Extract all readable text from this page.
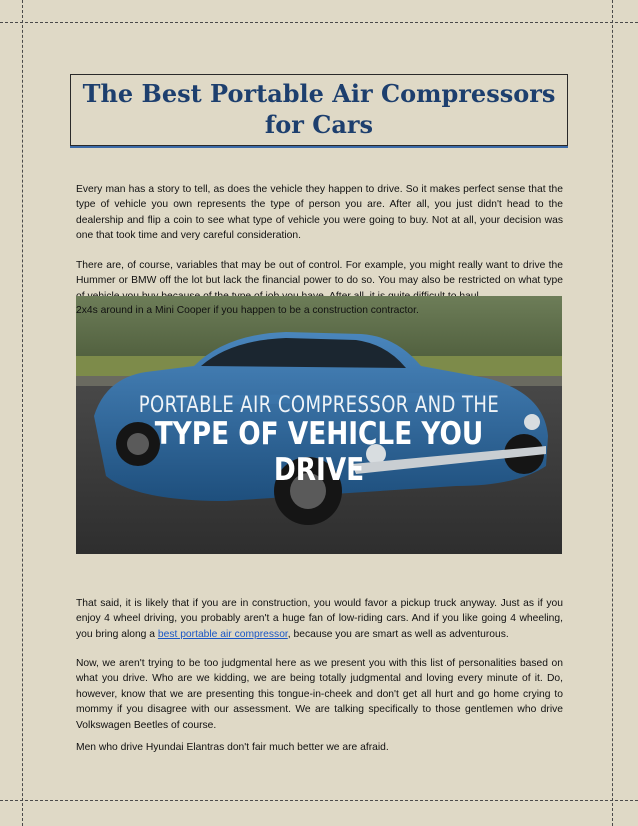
The Best Portable Air Compressors for Cars

Every man has a story to tell, as does the vehicle they happen to drive. So it makes perfect sense that the type of vehicle you own represents the type of person you are. After all, you just didn't head to the dealership and flip a coin to see what type of vehicle you were going to buy. Not at all, your decision was one that took time and very careful consideration.

There are, of course, variables that may be out of control. For example, you might really want to drive the Hummer or BMW off the lot but lack the financial power to do so. You may also be restricted on what type

PORTABLE AIR COMPRESSOR AND THE
TYPE OF VEHICLE YOU DRIVE

2x4s around in a Mini Cooper if you happen to be a construction contractor.

That said, it is likely that if you are in construction, you would favor a pickup truck anyway. Just as if you enjoy 4 wheel driving, you probably aren't a huge fan of low-riding cars. And if you like going 4 wheeling, you bring along a best portable air compressor, because you are smart as well as adventurous.

Now, we aren't trying to be too judgmental here as we present you with this list of personalities based on what you drive. Who are we kidding, we are being totally judgmental and loving every minute of it. Do, however, know that we are presenting this tongue-in-cheek and don't get all hurt and go home crying to mommy if you disagree with our assessment. We are talking specifically to those gentlemen who drive Volkswagen Beetles of course.

Men who drive Hyundai Elantras don't fair much better we are afraid.
